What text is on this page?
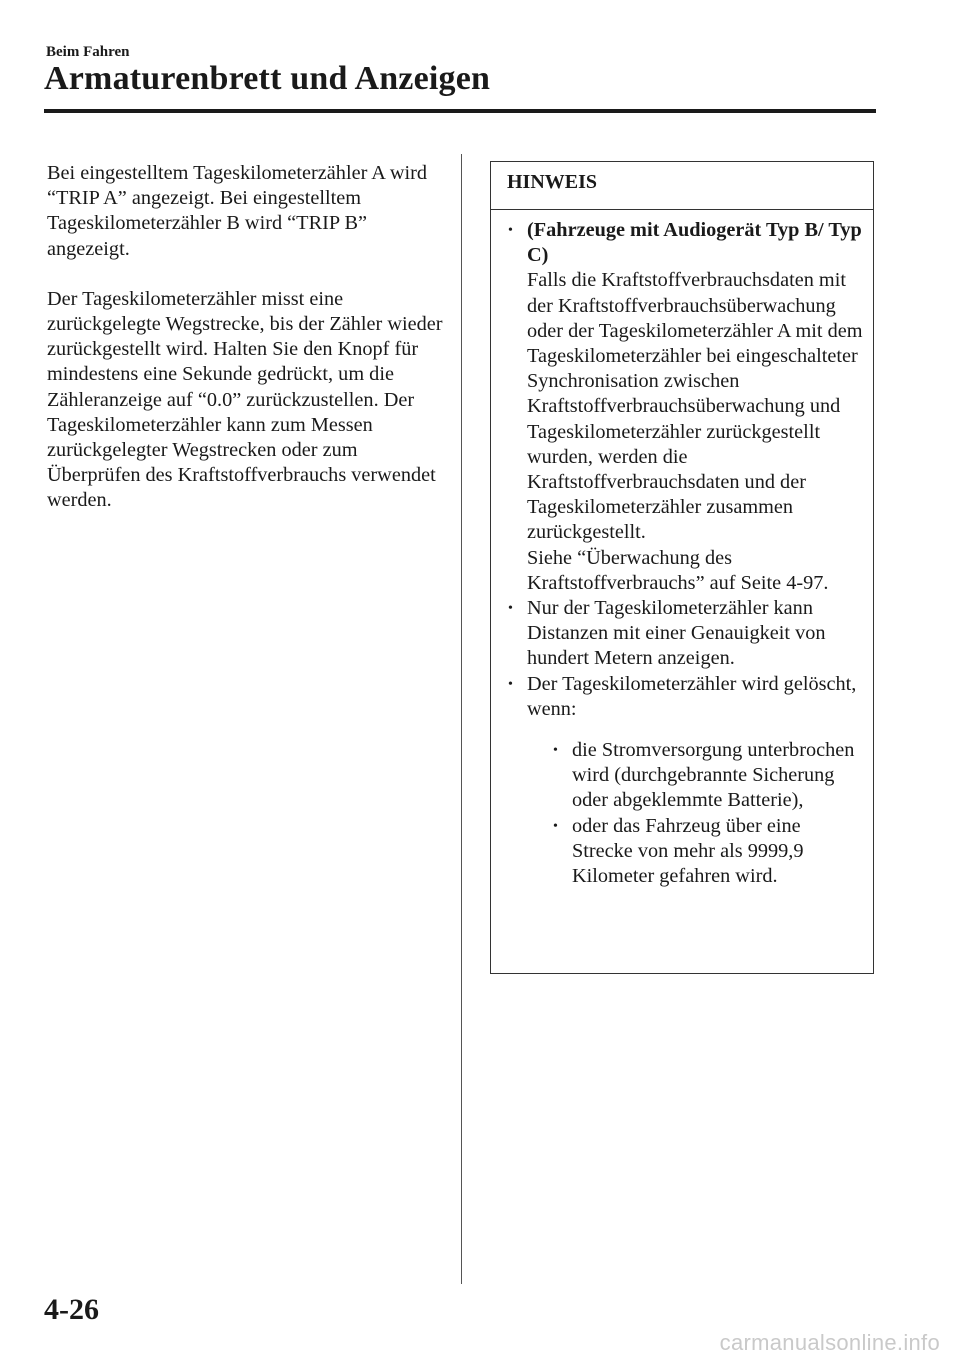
Beim Fahren
Armaturenbrett und Anzeigen

Bei eingestelltem Tageskilometerzähler A wird “TRIP A” angezeigt. Bei eingestelltem Tageskilometerzähler B wird “TRIP B” angezeigt.

Der Tageskilometerzähler misst eine zurückgelegte Wegstrecke, bis der Zähler wieder zurückgestellt wird. Halten Sie den Knopf für mindestens eine Sekunde gedrückt, um die Zähleranzeige auf “0.0” zurückzustellen. Der Tageskilometerzähler kann zum Messen zurückgelegter Wegstrecken oder zum Überprüfen des Kraftstoffverbrauchs verwendet werden.

HINWEIS
• (Fahrzeuge mit Audiogerät Typ B/ Typ C)
Falls die Kraftstoffverbrauchsdaten mit der Kraftstoffverbrauchsüberwachung oder der Tageskilometerzähler A mit dem Tageskilometerzähler bei eingeschalteter Synchronisation zwischen Kraftstoffverbrauchsüberwachung und Tageskilometerzähler zurückgestellt wurden, werden die Kraftstoffverbrauchsdaten und der Tageskilometerzähler zusammen zurückgestellt.
Siehe “Überwachung des Kraftstoffverbrauchs” auf Seite 4-97.
• Nur der Tageskilometerzähler kann Distanzen mit einer Genauigkeit von hundert Metern anzeigen.
• Der Tageskilometerzähler wird gelöscht, wenn:
• die Stromversorgung unterbrochen wird (durchgebrannte Sicherung oder abgeklemmte Batterie),
• oder das Fahrzeug über eine Strecke von mehr als 9999,9 Kilometer gefahren wird.
4-26
carmanualsonline.info
